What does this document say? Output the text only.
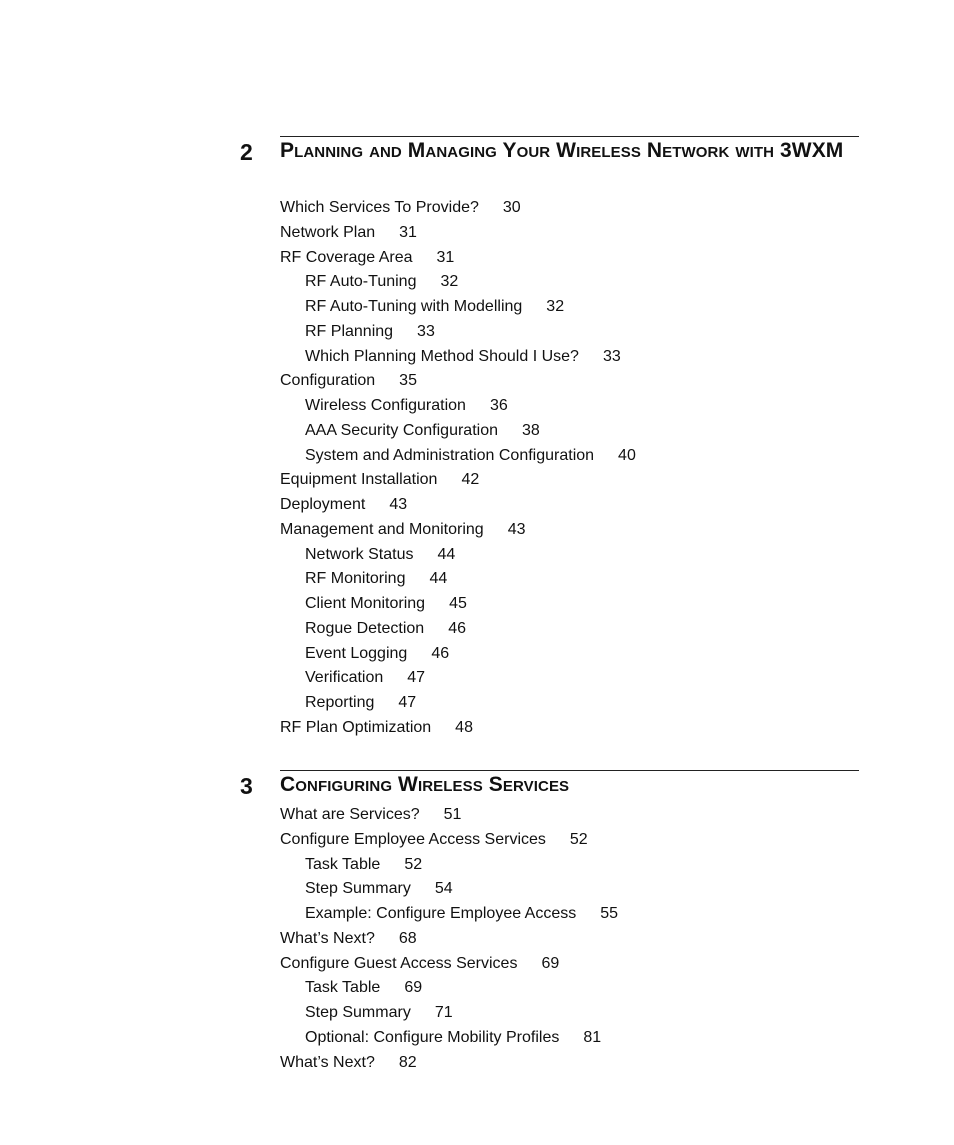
2 Planning and Managing Your Wireless Network with 3WXM
Which Services To Provide? 30
Network Plan 31
RF Coverage Area 31
RF Auto-Tuning 32
RF Auto-Tuning with Modelling 32
RF Planning 33
Which Planning Method Should I Use? 33
Configuration 35
Wireless Configuration 36
AAA Security Configuration 38
System and Administration Configuration 40
Equipment Installation 42
Deployment 43
Management and Monitoring 43
Network Status 44
RF Monitoring 44
Client Monitoring 45
Rogue Detection 46
Event Logging 46
Verification 47
Reporting 47
RF Plan Optimization 48
3 Configuring Wireless Services
What are Services? 51
Configure Employee Access Services 52
Task Table 52
Step Summary 54
Example: Configure Employee Access 55
What’s Next? 68
Configure Guest Access Services 69
Task Table 69
Step Summary 71
Optional: Configure Mobility Profiles 81
What’s Next? 82
